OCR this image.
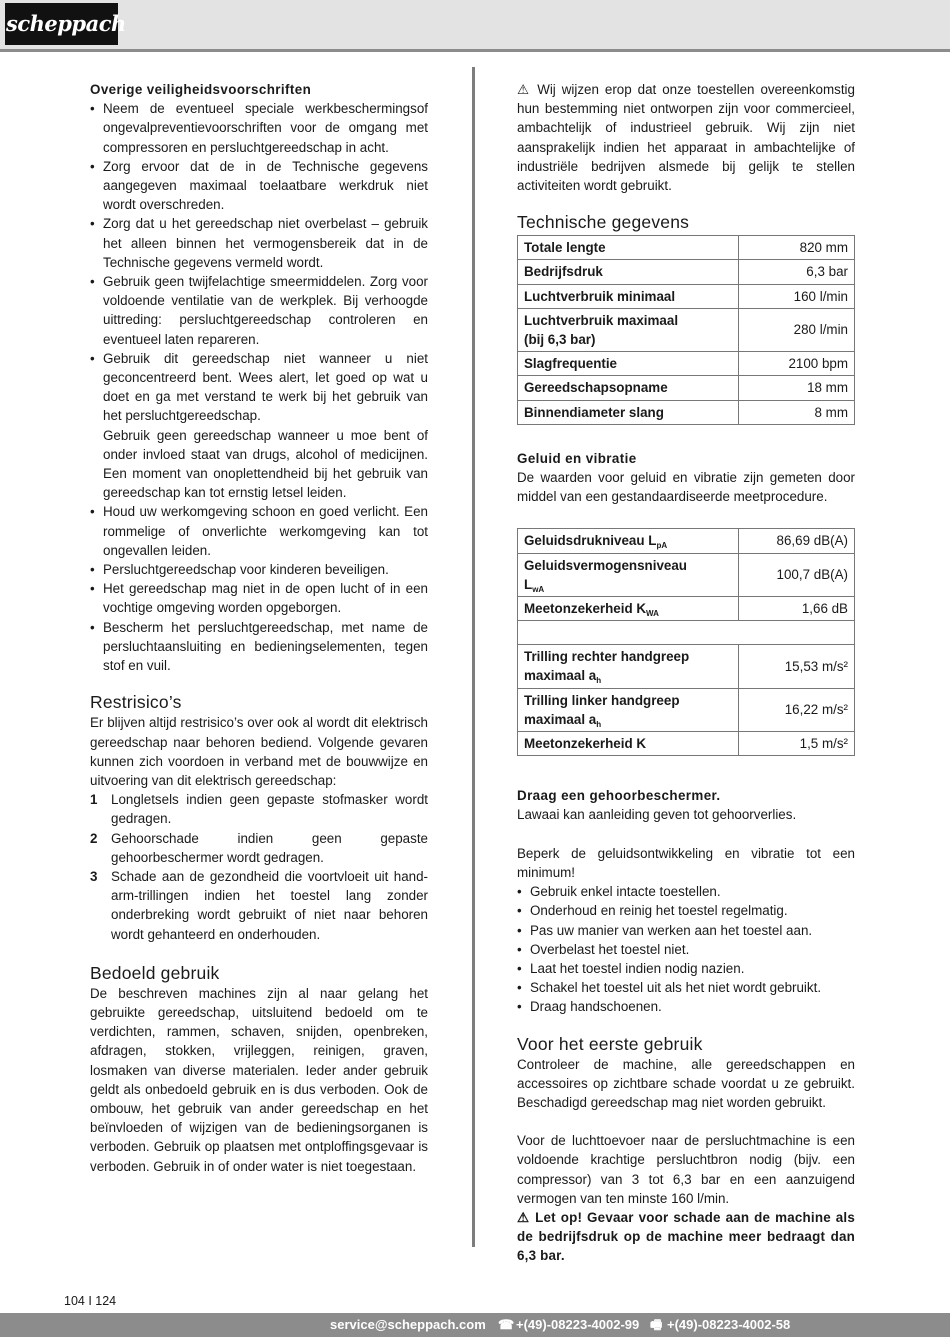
scheppach
Overige veiligheidsvoorschriften
• Neem de eventueel speciale werkbeschermingsof ongevalpreventievoorschriften voor de omgang met compressoren en persluchtgereedschap in acht.
• Zorg ervoor dat de in de Technische gegevens aangegeven maximaal toelaatbare werkdruk niet wordt overschreden.
• Zorg dat u het gereedschap niet overbelast – gebruik het alleen binnen het vermogensbereik dat in de Technische gegevens vermeld wordt.
• Gebruik geen twijfelachtige smeermiddelen. Zorg voor voldoende ventilatie van de werkplek. Bij verhoogde uittreding: persluchtgereedschap controleren en eventueel laten repareren.
• Gebruik dit gereedschap niet wanneer u niet geconcentreerd bent. Wees alert, let goed op wat u doet en ga met verstand te werk bij het gebruik van het persluchtgereedschap.
Gebruik geen gereedschap wanneer u moe bent of onder invloed staat van drugs, alcohol of medicijnen. Een moment van onoplettendheid bij het gebruik van gereedschap kan tot ernstig letsel leiden.
• Houd uw werkomgeving schoon en goed verlicht. Een rommelige of onverlichte werkomgeving kan tot ongevallen leiden.
• Persluchtgereedschap voor kinderen beveiligen.
• Het gereedschap mag niet in de open lucht of in een vochtige omgeving worden opgeborgen.
• Bescherm het persluchtgereedschap, met name de persluchtaansluiting en bedieningselementen, tegen stof en vuil.
Restrisico’s

Er blijven altijd restrisico’s over ook al wordt dit elektrisch gereedschap naar behoren bediend. Volgende gevaren kunnen zich voordoen in verband met de bouwwijze en uitvoering van dit elektrisch gereedschap:

1 Longletsels indien geen gepaste stofmasker wordt gedragen.
2 Gehoorschade indien geen gepaste gehoorbeschermer wordt gedragen.
3 Schade aan de gezondheid die voortvloeit uit hand-arm-trillingen indien het toestel lang zonder onderbreking wordt gebruikt of niet naar behoren wordt gehanteerd en onderhouden.
Bedoeld gebruik

De beschreven machines zijn al naar gelang het gebruikte gereedschap, uitsluitend bedoeld om te verdichten, rammen, schaven, snijden, openbreken, afdragen, stokken, vrijleggen, reinigen, graven, losmaken van diverse materialen. Ieder ander gebruik geldt als onbedoeld gebruik en is dus verboden. Ook de ombouw, het gebruik van ander gereedschap en het beïnvloeden of wijzigen van de bedieningsorganen is verboden. Gebruik op plaatsen met ontploffingsgevaar is verboden. Gebruik in of onder water is niet toegestaan.

⚠ Wij wijzen erop dat onze toestellen overeenkomstig hun bestemming niet ontworpen zijn voor commercieel, ambachtelijk of industrieel gebruik. Wij zijn niet aansprakelijk indien het apparaat in ambachtelijke of industriële bedrijven alsmede bij gelijk te stellen activiteiten wordt gebruikt.

Technische gegevens
Totale lengte	820 mm
Bedrijfsdruk	6,3 bar
Luchtverbruik minimaal	160 l/min
Luchtverbruik maximaal
(bij 6,3 bar)	280 l/min
Slagfrequentie	2100 bpm
Gereedschapsopname	18 mm
Binnendiameter slang	8 mm
Geluid en vibratie

De waarden voor geluid en vibratie zijn gemeten door middel van een gestandaardiseerde meetprocedure.

Geluidsdrukniveau $L_{pA}$	86,69 dB(A)
Geluidsvermogensniveau
$L_{wA}$	100,7 dB(A)
Meetonzekerheid $K_{WA}$	1,66 dB

Trilling rechter handgreep
maximaal $a_h$	15,53 m/s²
Trilling linker handgreep
maximaal $a_h$	16,22 m/s²
Meetonzekerheid K	1,5 m/s²
Draag een gehoorbeschermer.

Lawaai kan aanleiding geven tot gehoorverlies.

Beperk de geluidsontwikkeling en vibratie tot een minimum!

• Gebruik enkel intacte toestellen.
• Onderhoud en reinig het toestel regelmatig.
• Pas uw manier van werken aan het toestel aan.
• Overbelast het toestel niet.
• Laat het toestel indien nodig nazien.
• Schakel het toestel uit als het niet wordt gebruikt.
• Draag handschoenen.
Voor het eerste gebruik

Controleer de machine, alle gereedschappen en accessoires op zichtbare schade voordat u ze gebruikt. Beschadigd gereedschap mag niet worden gebruikt.

Voor de luchttoevoer naar de persluchtmachine is een voldoende krachtige persluchtbron nodig (bijv. een compressor) van 3 tot 6,3 bar en een aanzuigend vermogen van ten minste 160 l/min.

⚠ Let op! Gevaar voor schade aan de machine als de bedrijfsdruk op de machine meer bedraagt dan 6,3 bar.

104 I 124
service@scheppach.com ☎ +(49)-08223-4002-99 🖷 +(49)-08223-4002-58
